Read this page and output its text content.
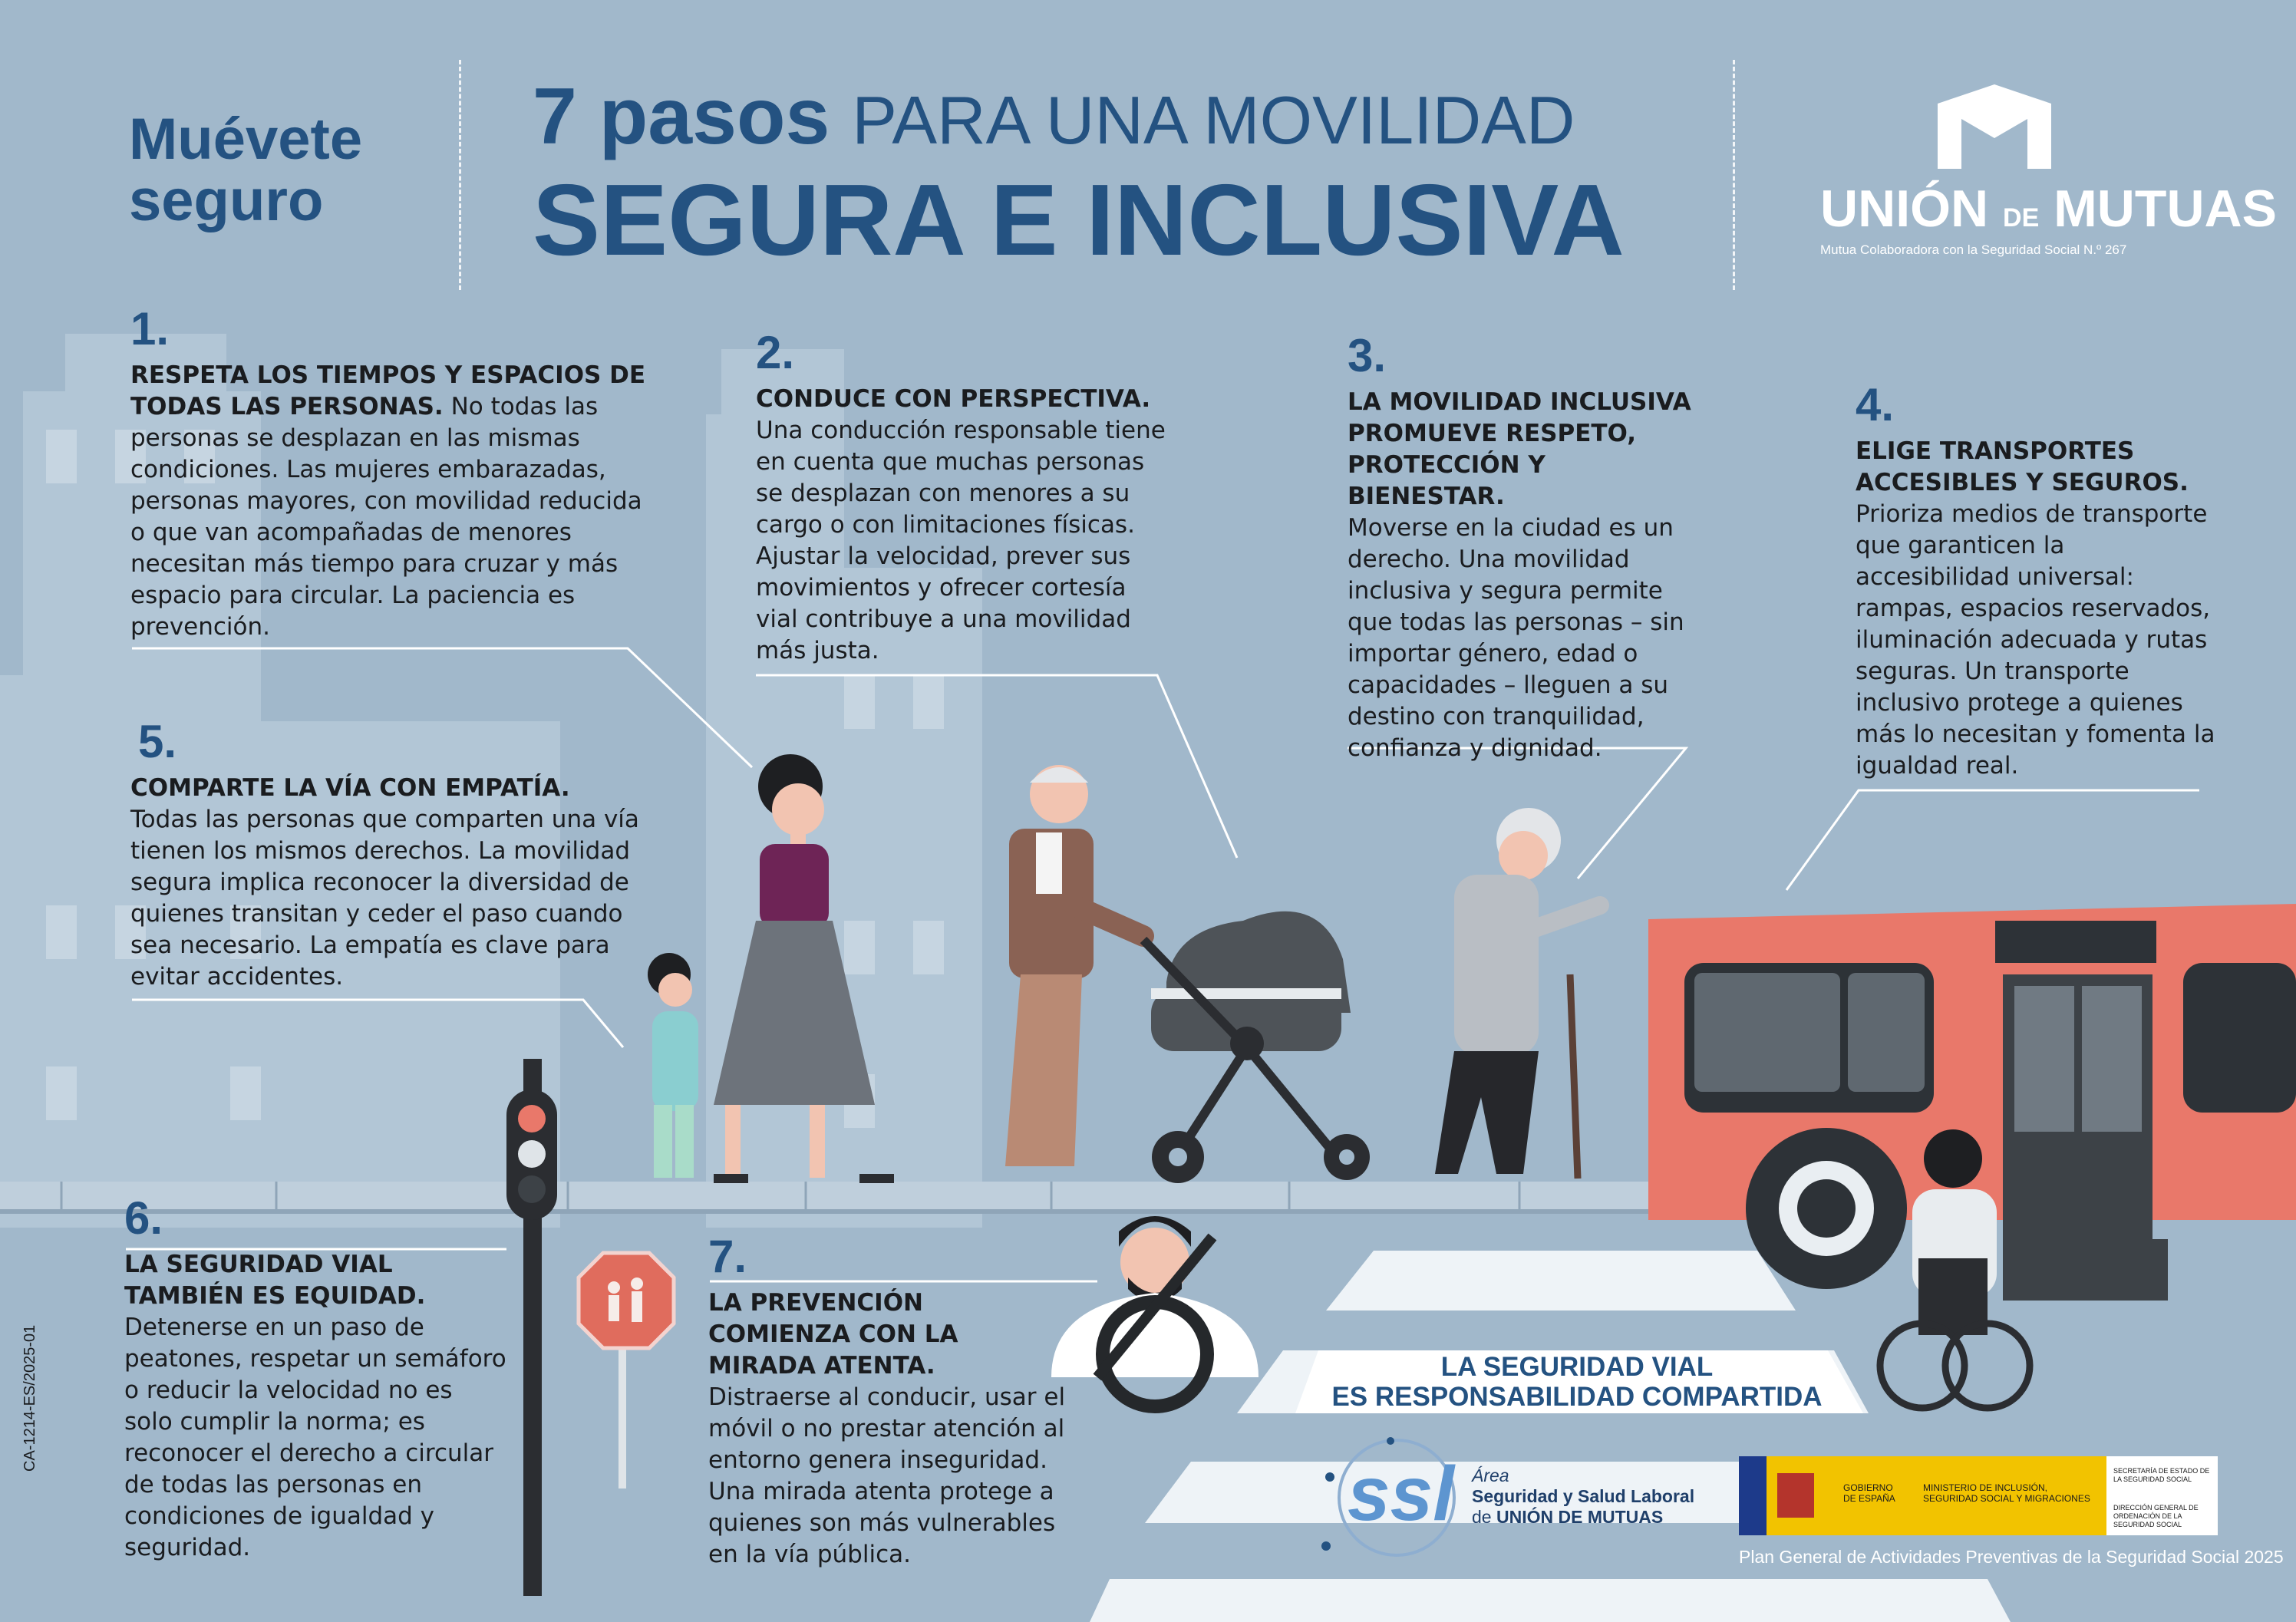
Muévete
seguro
7 pasos PARA UNA MOVILIDAD
SEGURA E INCLUSIVA	UNIÓN DE MUTUAS
Mutua Colaboradora con la Seguridad Social N.º 267
1.
RESPETA LOS TIEMPOS Y ESPACIOS DE TODAS LAS PERSONAS. No todas las personas se desplazan en las mismas condiciones. Las mujeres embarazadas, personas mayores, con movilidad reducida o que van acompañadas de menores necesitan más tiempo para cruzar y más espacio para circular. La paciencia es prevención.
2.
CONDUCE CON PERSPECTIVA.
Una conducción responsable tiene en cuenta que muchas personas se desplazan con menores a su cargo o con limitaciones físicas. Ajustar la velocidad, prever sus movimientos y ofrecer cortesía vial contribuye a una movilidad más justa.
3.
LA MOVILIDAD INCLUSIVA PROMUEVE RESPETO, PROTECCIÓN Y BIENESTAR.
Moverse en la ciudad es un derecho. Una movilidad inclusiva y segura permite que todas las personas – sin importar género, edad o capacidades – lleguen a su destino con tranquilidad, confianza y dignidad.
4.
ELIGE TRANSPORTES ACCESIBLES Y SEGUROS.
Prioriza medios de transporte que garanticen la accesibilidad universal: rampas, espacios reservados, iluminación adecuada y rutas seguras. Un transporte inclusivo protege a quienes más lo necesitan y fomenta la igualdad real.
5.
COMPARTE LA VÍA CON EMPATÍA.
Todas las personas que comparten una vía tienen los mismos derechos. La movilidad segura implica reconocer la diversidad de quienes transitan y ceder el paso cuando sea necesario. La empatía es clave para evitar accidentes.
6.
LA SEGURIDAD VIAL TAMBIÉN ES EQUIDAD.
Detenerse en un paso de peatones, respetar un semáforo o reducir la velocidad no es solo cumplir la norma; es reconocer el derecho a circular de todas las personas en condiciones de igualdad y seguridad.
7.
LA PREVENCIÓN COMIENZA CON LA MIRADA ATENTA.
Distraerse al conducir, usar el móvil o no prestar atención al entorno genera inseguridad. Una mirada atenta protege a quienes son más vulnerables en la vía pública.
LA SEGURIDAD VIAL
ES RESPONSABILIDAD COMPARTIDA
ssl Área
Seguridad y Salud Laboral
de UNIÓN DE MUTUAS
GOBIERNO DE ESPAÑA
MINISTERIO DE INCLUSIÓN, SEGURIDAD SOCIAL Y MIGRACIONES
SECRETARÍA DE ESTADO DE LA SEGURIDAD SOCIAL
DIRECCIÓN GENERAL DE ORDENACIÓN DE LA SEGURIDAD SOCIAL
Plan General de Actividades Preventivas de la Seguridad Social 2025
CA-1214-ES/2025-01
